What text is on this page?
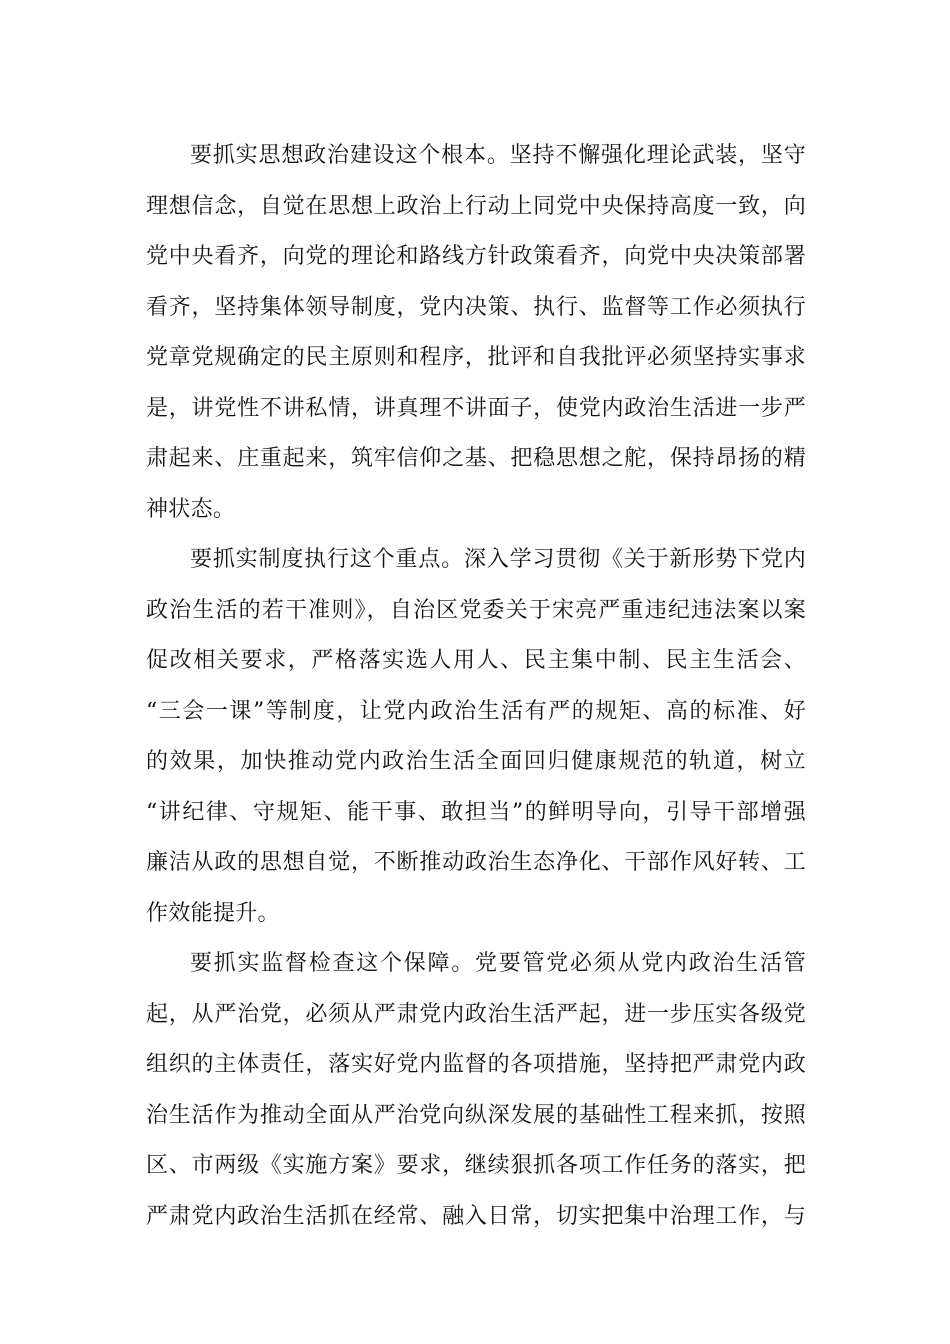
要抓实思想政治建设这个根本。坚持不懈强化理论武装，坚守
理想信念，自觉在思想上政治上行动上同党中央保持高度一致，向
党中央看齐，向党的理论和路线方针政策看齐，向党中央决策部署
看齐，坚持集体领导制度，党内决策、执行、监督等工作必须执行
党章党规确定的民主原则和程序，批评和自我批评必须坚持实事求
是，讲党性不讲私情，讲真理不讲面子，使党内政治生活进一步严
肃起来、庄重起来，筑牢信仰之基、把稳思想之舵，保持昂扬的精
神状态。
要抓实制度执行这个重点。深入学习贯彻《关于新形势下党内
政治生活的若干准则》，自治区党委关于宋亮严重违纪违法案以案
促改相关要求，严格落实选人用人、民主集中制、民主生活会、
“三会一课”等制度，让党内政治生活有严的规矩、高的标准、好
的效果，加快推动党内政治生活全面回归健康规范的轨道，树立
“讲纪律、守规矩、能干事、敢担当”的鲜明导向，引导干部增强
廉洁从政的思想自觉，不断推动政治生态净化、干部作风好转、工
作效能提升。
要抓实监督检查这个保障。党要管党必须从党内政治生活管
起，从严治党，必须从严肃党内政治生活严起，进一步压实各级党
组织的主体责任，落实好党内监督的各项措施，坚持把严肃党内政
治生活作为推动全面从严治党向纵深发展的基础性工程来抓，按照
区、市两级《实施方案》要求，继续狠抓各项工作任务的落实，把
严肃党内政治生活抓在经常、融入日常，切实把集中治理工作，与
